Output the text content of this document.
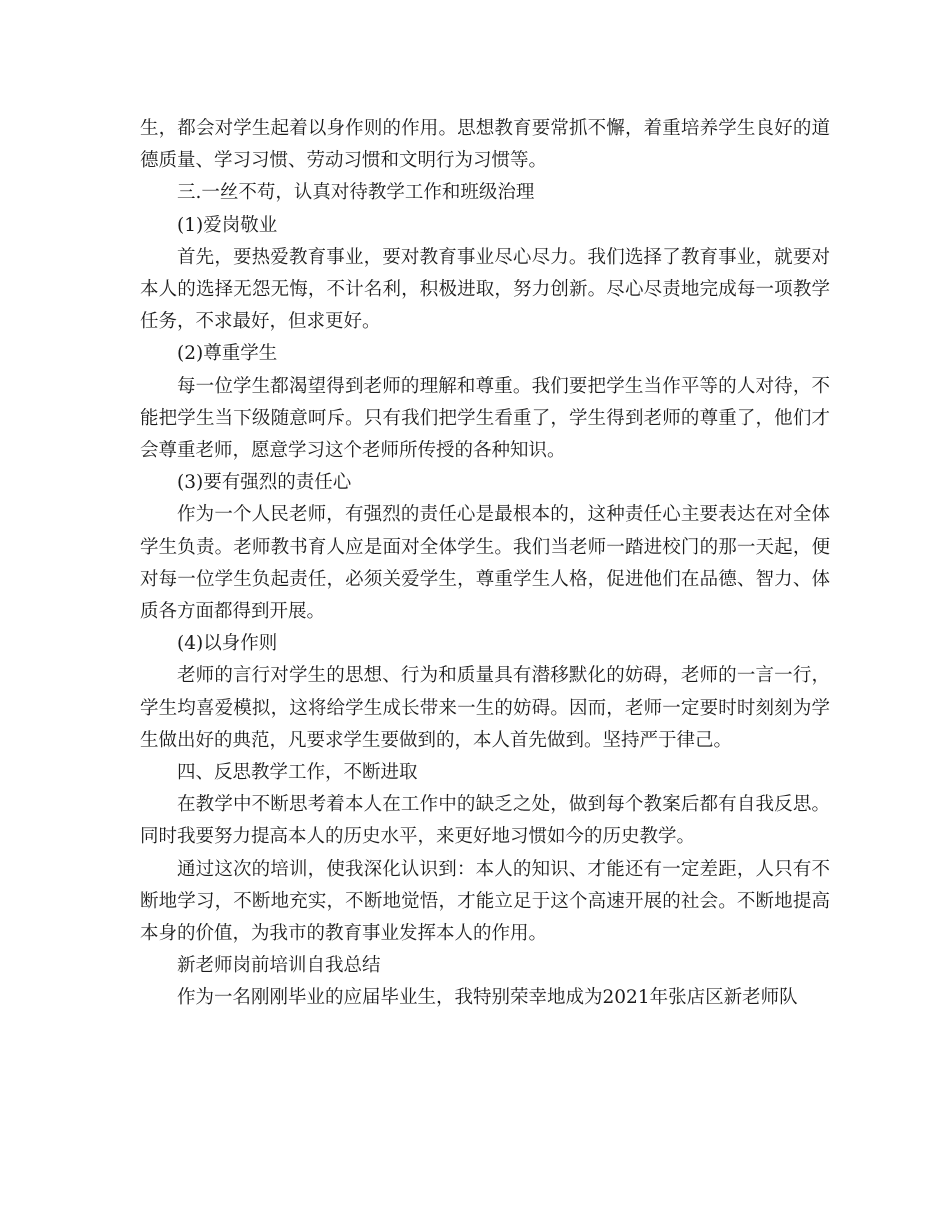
生，都会对学生起着以身作则的作用。思想教育要常抓不懈，着重培养学生良好的道德质量、学习习惯、劳动习惯和文明行为习惯等。

三.一丝不苟，认真对待教学工作和班级治理

(1)爱岗敬业

首先，要热爱教育事业，要对教育事业尽心尽力。我们选择了教育事业，就要对本人的选择无怨无悔，不计名利，积极进取，努力创新。尽心尽责地完成每一项教学任务，不求最好，但求更好。

(2)尊重学生

每一位学生都渴望得到老师的理解和尊重。我们要把学生当作平等的人对待，不能把学生当下级随意呵斥。只有我们把学生看重了，学生得到老师的尊重了，他们才会尊重老师，愿意学习这个老师所传授的各种知识。

(3)要有强烈的责任心

作为一个人民老师，有强烈的责任心是最根本的，这种责任心主要表达在对全体学生负责。老师教书育人应是面对全体学生。我们当老师一踏进校门的那一天起，便对每一位学生负起责任，必须关爱学生，尊重学生人格，促进他们在品德、智力、体质各方面都得到开展。

(4)以身作则

老师的言行对学生的思想、行为和质量具有潜移默化的妨碍，老师的一言一行，学生均喜爱模拟，这将给学生成长带来一生的妨碍。因而，老师一定要时时刻刻为学生做出好的典范，凡要求学生要做到的，本人首先做到。坚持严于律己。

四、反思教学工作，不断进取

在教学中不断思考着本人在工作中的缺乏之处，做到每个教案后都有自我反思。同时我要努力提高本人的历史水平，来更好地习惯如今的历史教学。

通过这次的培训，使我深化认识到：本人的知识、才能还有一定差距，人只有不断地学习，不断地充实，不断地觉悟，才能立足于这个高速开展的社会。不断地提高本身的价值，为我市的教育事业发挥本人的作用。

新老师岗前培训自我总结

作为一名刚刚毕业的应届毕业生，我特别荣幸地成为2021年张店区新老师队
